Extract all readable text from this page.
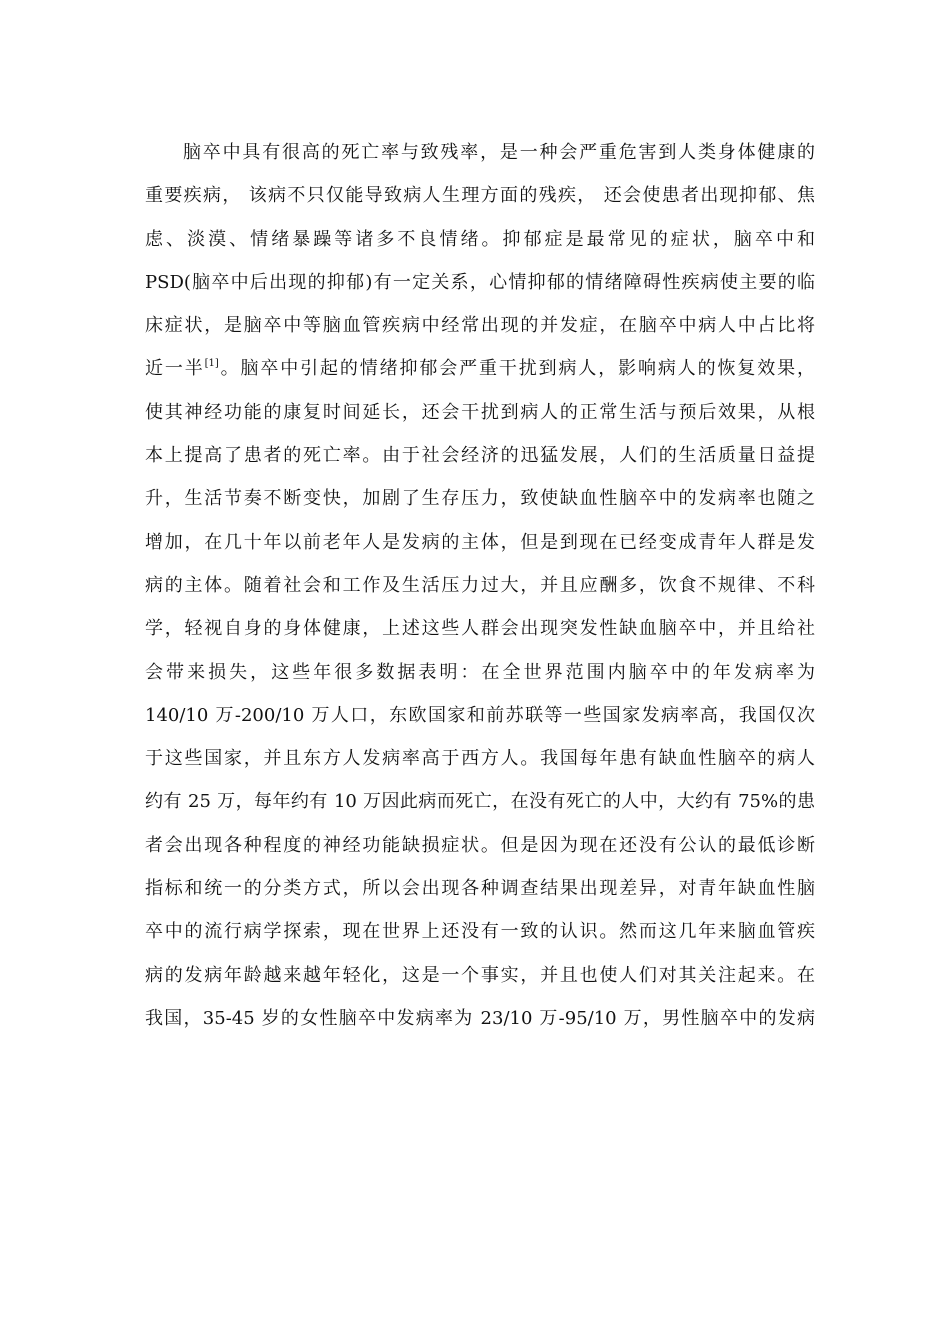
脑卒中具有很高的死亡率与致残率，是一种会严重危害到人类身体健康的
重要疾病， 该病不只仅能导致病人生理方面的残疾， 还会使患者出现抑郁、焦
虑、淡漠、情绪暴躁等诸多不良情绪。抑郁症是最常见的症状，脑卒中和
PSD(脑卒中后出现的抑郁)有一定关系，心情抑郁的情绪障碍性疾病使主要的临
床症状，是脑卒中等脑血管疾病中经常出现的并发症，在脑卒中病人中占比将
近一半[1]。脑卒中引起的情绪抑郁会严重干扰到病人，影响病人的恢复效果，
使其神经功能的康复时间延长，还会干扰到病人的正常生活与预后效果，从根
本上提高了患者的死亡率。由于社会经济的迅猛发展，人们的生活质量日益提
升，生活节奏不断变快，加剧了生存压力，致使缺血性脑卒中的发病率也随之
增加，在几十年以前老年人是发病的主体，但是到现在已经变成青年人群是发
病的主体。随着社会和工作及生活压力过大，并且应酬多，饮食不规律、不科
学，轻视自身的身体健康，上述这些人群会出现突发性缺血脑卒中，并且给社
会带来损失，这些年很多数据表明：在全世界范围内脑卒中的年发病率为
140/10 万-200/10 万人口，东欧国家和前苏联等一些国家发病率高，我国仅次
于这些国家，并且东方人发病率高于西方人。我国每年患有缺血性脑卒的病人
约有 25 万，每年约有 10 万因此病而死亡，在没有死亡的人中，大约有 75%的患
者会出现各种程度的神经功能缺损症状。但是因为现在还没有公认的最低诊断
指标和统一的分类方式，所以会出现各种调查结果出现差异，对青年缺血性脑
卒中的流行病学探索，现在世界上还没有一致的认识。然而这几年来脑血管疾
病的发病年龄越来越年轻化，这是一个事实，并且也使人们对其关注起来。在
我国，35-45 岁的女性脑卒中发病率为 23/10 万-95/10 万，男性脑卒中的发病
